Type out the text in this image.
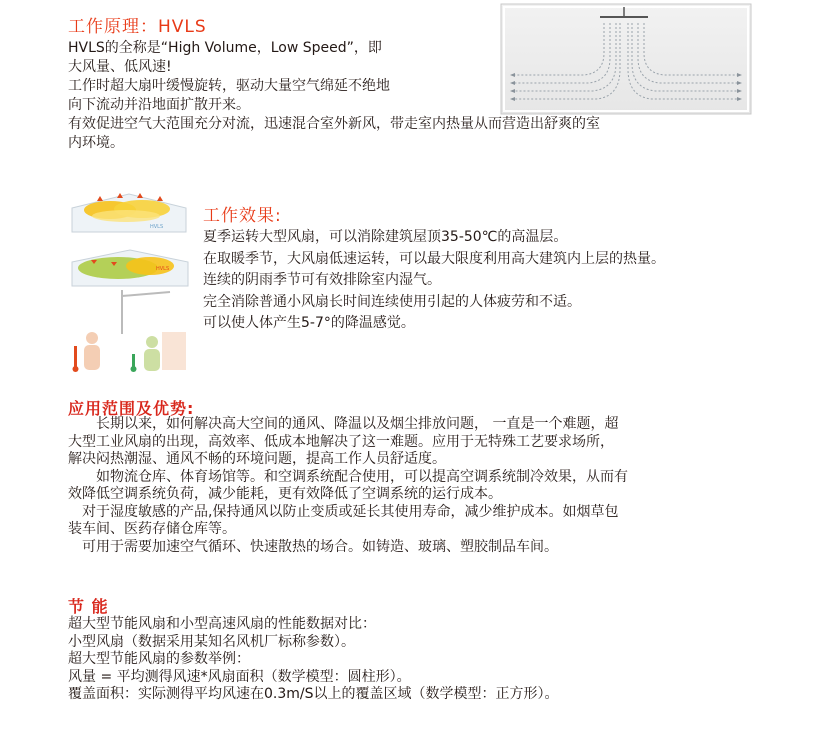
工作原理：HVLS
HVLS的全称是“High Volume，Low Speed”，即
大风量、低风速!
工作时超大扇叶缓慢旋转，驱动大量空气绵延不绝地
向下流动并沿地面扩散开来。
有效促进空气大范围充分对流，迅速混合室外新风，带走室内热量从而营造出舒爽的室
内环境。
HVLS
HVLS
工作效果:
夏季运转大型风扇，可以消除建筑屋顶35-50℃的高温层。
在取暖季节，大风扇低速运转，可以最大限度利用高大建筑内上层的热量。
连续的阴雨季节可有效排除室内湿气。
完全消除普通小风扇长时间连续使用引起的人体疲劳和不适。
可以使人体产生5-7°的降温感觉。
应用范围及优势:

　　长期以来，如何解决高大空间的通风、降温以及烟尘排放问题， 一直是一个难题，超

大型工业风扇的出现，高效率、低成本地解决了这一难题。应用于无特殊工艺要求场所，

解决闷热潮湿、通风不畅的环境问题，提高工作人员舒适度。

　　如物流仓库、体育场馆等。和空调系统配合使用，可以提高空调系统制冷效果，从而有

效降低空调系统负荷，减少能耗，更有效降低了空调系统的运行成本。

　对于湿度敏感的产品,保持通风以防止变质或延长其使用寿命，减少维护成本。如烟草包

装车间、医药存储仓库等。

　可用于需要加速空气循环、快速散热的场合。如铸造、玻璃、塑胶制品车间。

节 能

超大型节能风扇和小型高速风扇的性能数据对比：

小型风扇（数据采用某知名风机厂标称参数）。

超大型节能风扇的参数举例：

风量 = 平均测得风速*风扇面积（数学模型：圆柱形）。

覆盖面积：实际测得平均风速在0.3m/S以上的覆盖区域（数学模型：正方形）。
